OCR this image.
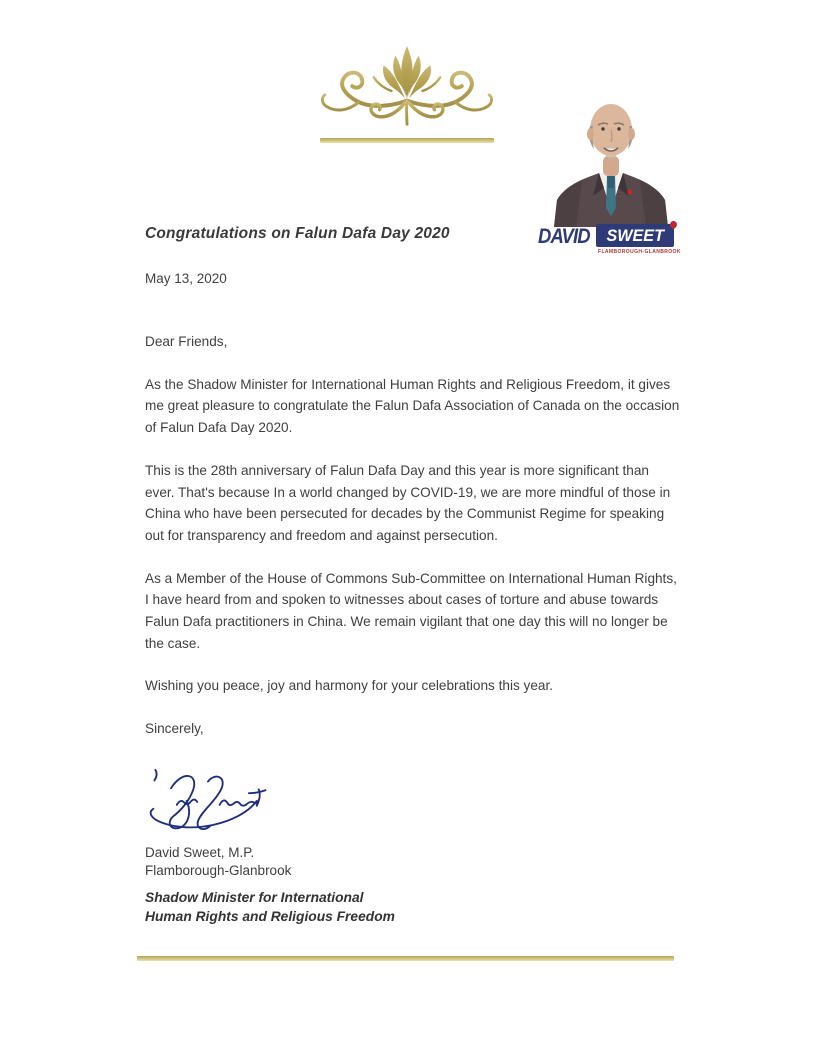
DAVID SWEET
FLAMBOROUGH-GLANBROOK
Congratulations on Falun Dafa Day 2020
May 13, 2020

Dear Friends,

As the Shadow Minister for International Human Rights and Religious Freedom, it gives me great pleasure to congratulate the Falun Dafa Association of Canada on the occasion of Falun Dafa Day 2020.

This is the 28th anniversary of Falun Dafa Day and this year is more significant than ever. That's because In a world changed by COVID-19, we are more mindful of those in China who have been persecuted for decades by the Communist Regime for speaking out for transparency and freedom and against persecution.

As a Member of the House of Commons Sub-Committee on International Human Rights, I have heard from and spoken to witnesses about cases of torture and abuse towards Falun Dafa practitioners in China. We remain vigilant that one day this will no longer be the case.

Wishing you peace, joy and harmony for your celebrations this year.

Sincerely,

David Sweet, M.P.
Flamborough-Glanbrook
Shadow Minister for International
Human Rights and Religious Freedom
